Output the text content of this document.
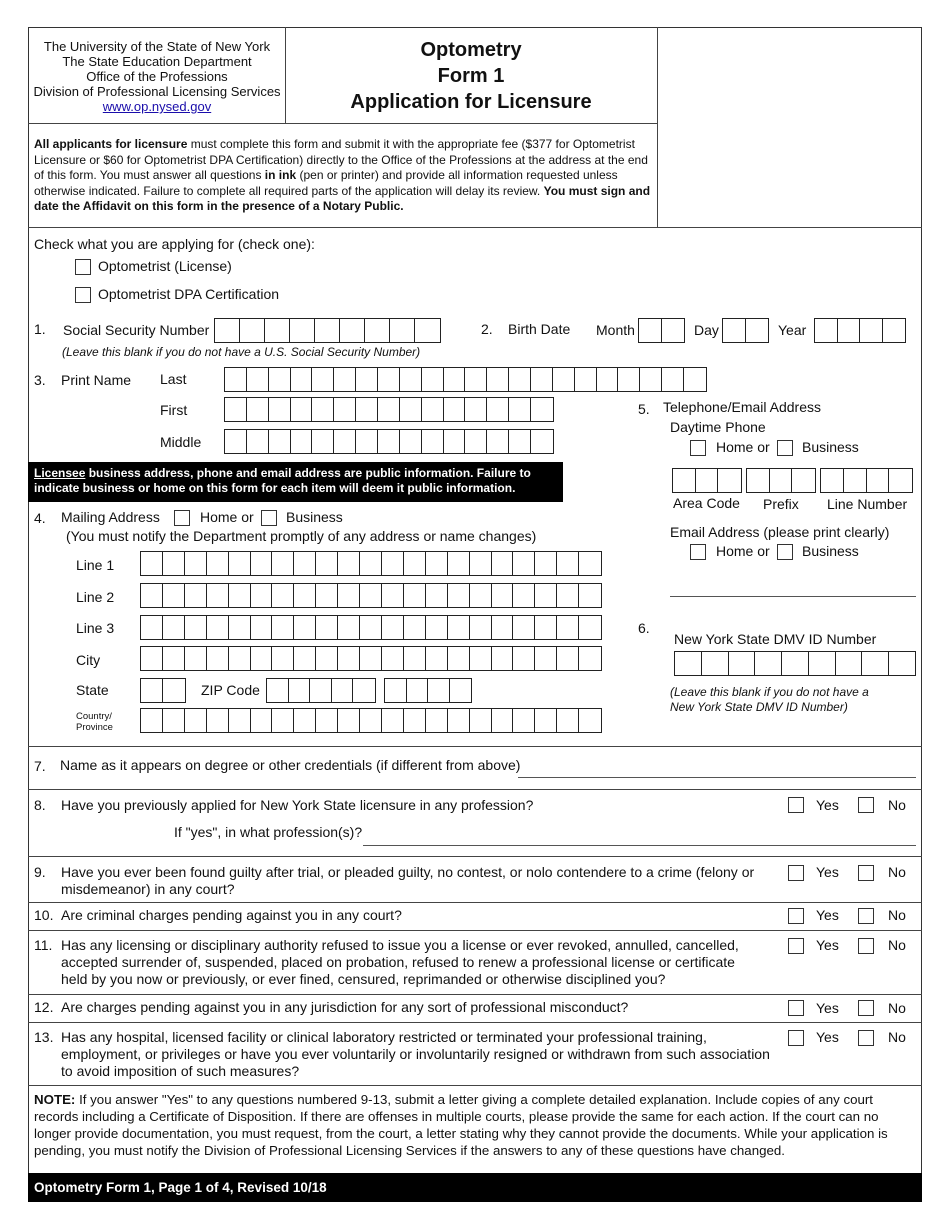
The University of the State of New York
The State Education Department
Office of the Professions
Division of Professional Licensing Services
www.op.nysed.gov
Optometry
Form 1
Application for Licensure
All applicants for licensure must complete this form and submit it with the appropriate fee ($377 for Optometrist Licensure or $60 for Optometrist DPA Certification) directly to the Office of the Professions at the address at the end of this form. You must answer all questions in ink (pen or printer) and provide all information requested unless otherwise indicated. Failure to complete all required parts of the application will delay its review. You must sign and date the Affidavit on this form in the presence of a Notary Public.
Check what you are applying for (check one):
Optometrist (License)
Optometrist DPA Certification
1. Social Security Number
(Leave this blank if you do not have a U.S. Social Security Number)
2. Birth Date Month	Day	Year
3. Print Name Last
First
Middle
Licensee business address, phone and email address are public information. Failure to indicate business or home on this form for each item will deem it public information.
4. Mailing Address	Home or Business
(You must notify the Department promptly of any address or name changes)
Line 1
Line 2
Line 3
City
State	ZIP Code
Country/
Province
5. Telephone/Email Address
Daytime Phone
Home or Business
Area Code Prefix Line Number
Email Address (please print clearly)
Home or Business
6.
New York State DMV ID Number
(Leave this blank if you do not have a
New York State DMV ID Number)
7. Name as it appears on degree or other credentials (if different from above)
8. Have you previously applied for New York State licensure in any profession?
If "yes", in what profession(s)?
Yes	No
9. Have you ever been found guilty after trial, or pleaded guilty, no contest, or nolo contendere to a crime (felony or misdemeanor) in any court?
Yes	No
10. Are criminal charges pending against you in any court?	Yes	No
11. Has any licensing or disciplinary authority refused to issue you a license or ever revoked, annulled, cancelled, accepted surrender of, suspended, placed on probation, refused to renew a professional license or certificate held by you now or previously, or ever fined, censured, reprimanded or otherwise disciplined you?
Yes	No
12. Are charges pending against you in any jurisdiction for any sort of professional misconduct?	Yes	No
13. Has any hospital, licensed facility or clinical laboratory restricted or terminated your professional training, employment, or privileges or have you ever voluntarily or involuntarily resigned or withdrawn from such association to avoid imposition of such measures?
Yes	No
NOTE: If you answer "Yes" to any questions numbered 9-13, submit a letter giving a complete detailed explanation. Include copies of any court records including a Certificate of Disposition. If there are offenses in multiple courts, please provide the same for each action. If the court can no longer provide documentation, you must request, from the court, a letter stating why they cannot provide the documents. While your application is pending, you must notify the Division of Professional Licensing Services if the answers to any of these questions have changed.
Optometry Form 1, Page 1 of 4, Revised 10/18
